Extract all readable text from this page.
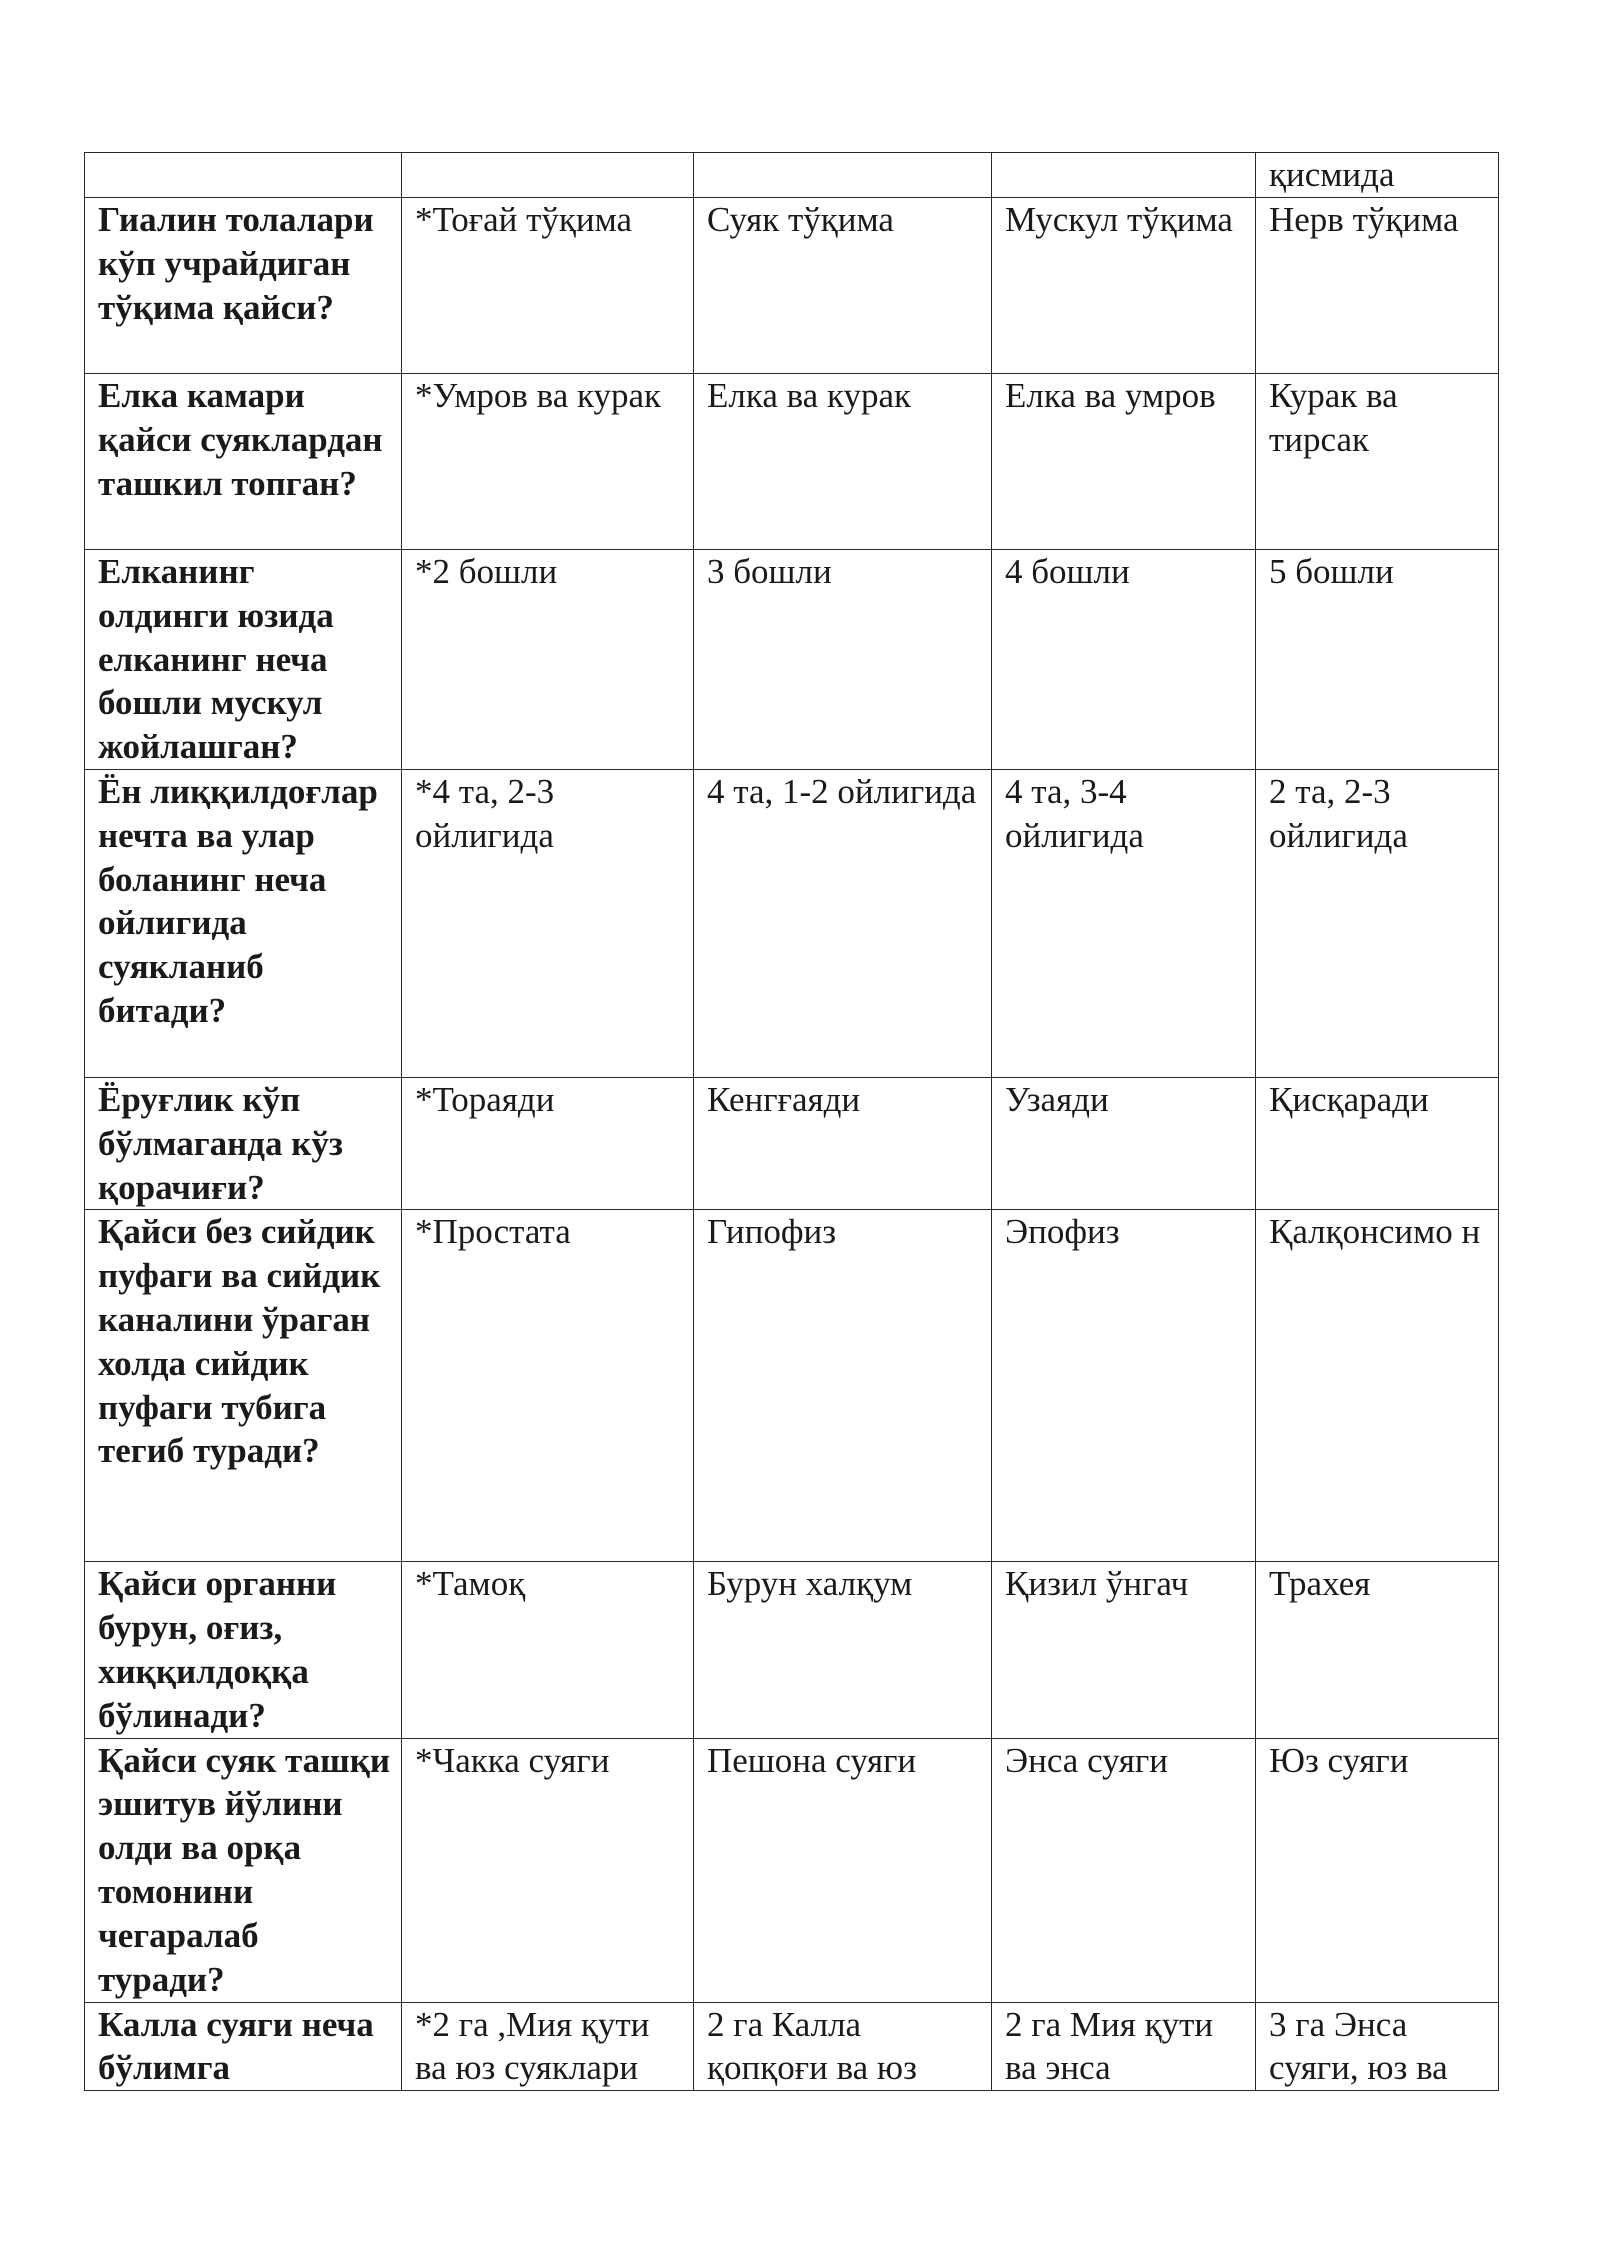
				қисмида
Гиалин толалари кўп учрайдиган тўқима қайси?	*Тоғай тўқима	Суяк тўқима	Мускул тўқима	Нерв тўқима
Елка камари қайси суяклардан ташкил топган?	*Умров ва курак	Елка ва курак	Елка ва умров	Курак ва тирсак
Елканинг олдинги юзида елканинг неча бошли мускул жойлашган?	*2 бошли	3 бошли	4 бошли	5 бошли
Ён лиққилдоғлар нечта ва улар боланинг неча ойлигида суякланиб битади?	*4 та, 2-3 ойлигида	4 та, 1-2 ойлигида	4 та, 3-4 ойлигида	2 та, 2-3 ойлигида
Ёруғлик кўп бўлмаганда кўз қорачиғи?	*Тораяди	Кенгғаяди	Узаяди	Қисқаради
Қайси без сийдик пуфаги ва сийдик каналини ўраган холда сийдик пуфаги тубига тегиб туради?	*Простата	Гипофиз	Эпофиз	Қалқонсимо н
Қайси органни бурун, оғиз, хиққилдоққа бўлинади?	*Тамоқ	Бурун халқум	Қизил ўнгач	Трахея
Қайси суяк ташқи эшитув йўлини олди ва орқа томонини чегаралаб туради?	*Чакка суяги	Пешона суяги	Энса суяги	Юз суяги
Калла суяги неча бўлимга	*2 га ,Мия қути ва юз суяклари	2 га Калла қопқоғи ва юз	2 га Мия қути ва энса	3 га Энса суяги, юз ва
